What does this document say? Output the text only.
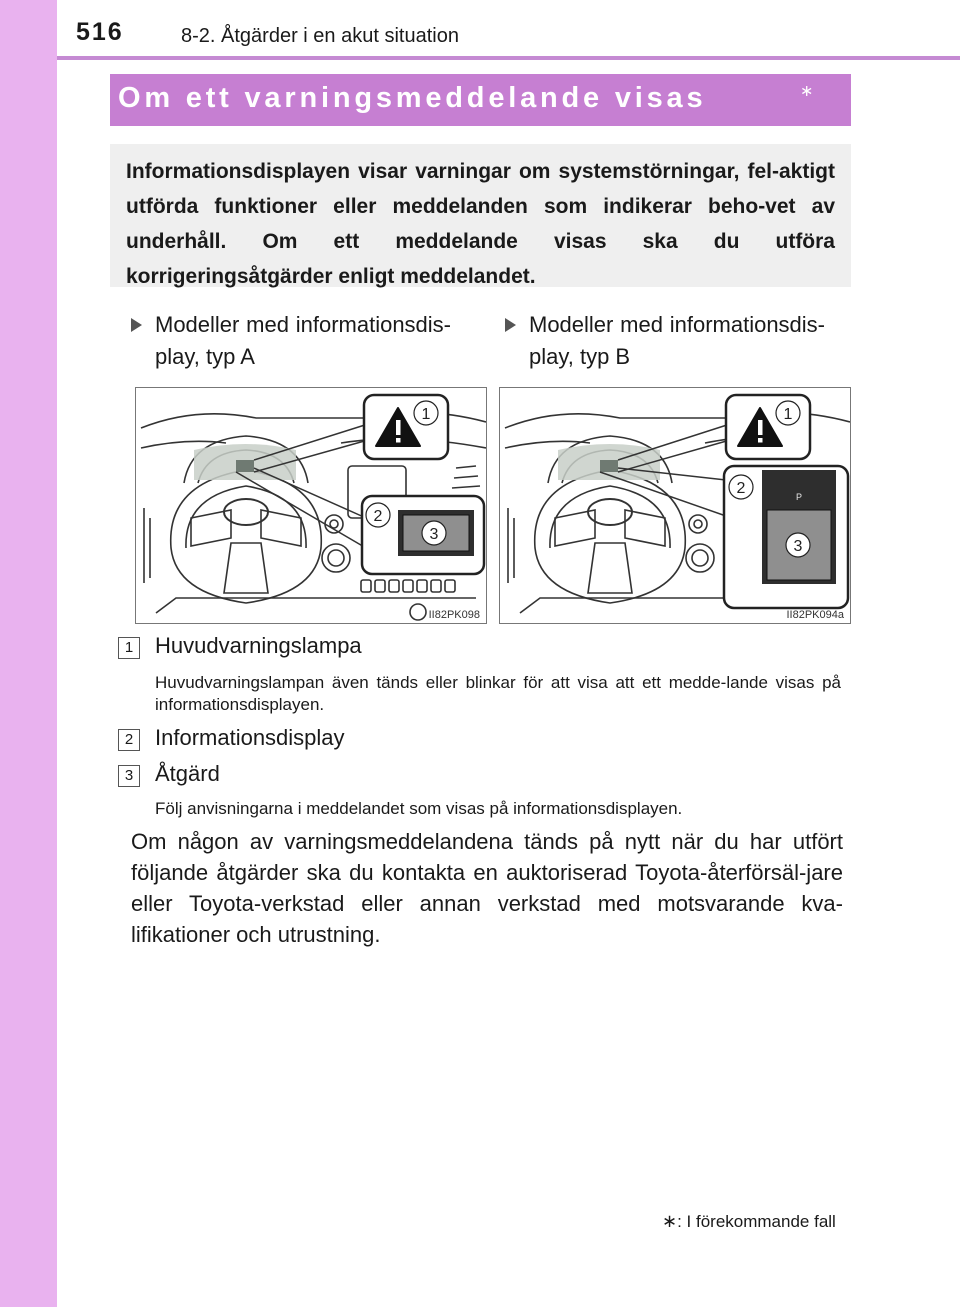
516	8-2. Åtgärder i en akut situation
Om ett varningsmeddelande visas	∗

Informationsdisplayen visar varningar om systemstörningar, fel-aktigt utförda funktioner eller meddelanden som indikerar beho-vet av underhåll. Om ett meddelande visas ska du utföra korrigeringsåtgärder enligt meddelandet.

Modeller med informationsdis-play, typ A

Modeller med informationsdis-play, typ B

1
2
3
II82PK098
1
P
2
3
II82PK094a
1 Huvudvarningslampa
Huvudvarningslampan även tänds eller blinkar för att visa att ett medde-lande visas på informationsdisplayen.
2 Informationsdisplay
3 Åtgärd
Följ anvisningarna i meddelandet som visas på informationsdisplayen.

Om någon av varningsmeddelandena tänds på nytt när du har utfört följande åtgärder ska du kontakta en auktoriserad Toyota-återförsäl-jare eller Toyota-verkstad eller annan verkstad med motsvarande kva-lifikationer och utrustning.

∗: I förekommande fall
